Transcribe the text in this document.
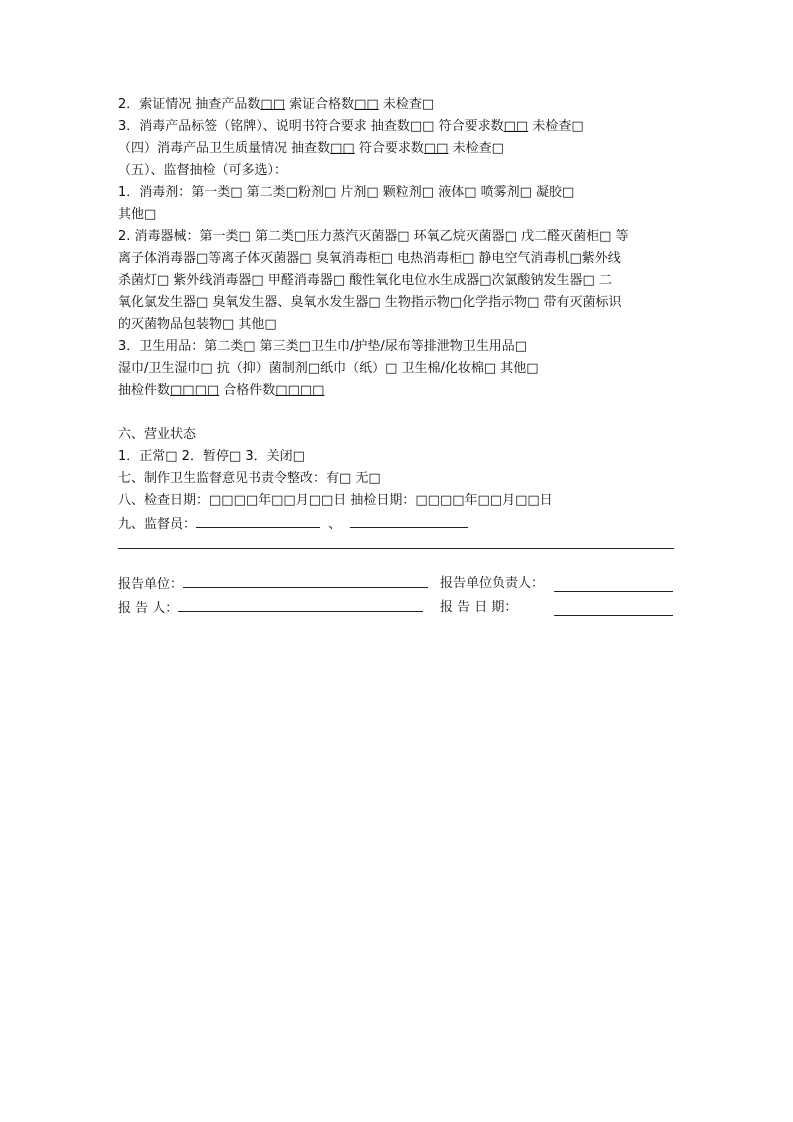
2．索证情况 抽查产品数□□ 索证合格数□□ 未检查□
3．消毒产品标签（铭牌）、说明书符合要求 抽查数□□ 符合要求数□□ 未检查□
（四）消毒产品卫生质量情况 抽查数□□ 符合要求数□□ 未检查□
（五）、监督抽检（可多选）：
1．消毒剂：第一类□ 第二类□粉剂□ 片剂□ 颗粒剂□ 液体□ 喷雾剂□ 凝胶□
其他□
2. 消毒器械：第一类□ 第二类□压力蒸汽灭菌器□ 环氧乙烷灭菌器□ 戊二醛灭菌柜□ 等
离子体消毒器□等离子体灭菌器□ 臭氧消毒柜□ 电热消毒柜□ 静电空气消毒机□紫外线
杀菌灯□ 紫外线消毒器□ 甲醛消毒器□ 酸性氧化电位水生成器□次氯酸钠发生器□ 二
氧化氯发生器□ 臭氧发生器、臭氧水发生器□ 生物指示物□化学指示物□ 带有灭菌标识
的灭菌物品包装物□ 其他□
3．卫生用品：第二类□ 第三类□卫生巾/护垫/尿布等排泄物卫生用品□
湿巾/卫生湿巾□ 抗（抑）菌制剂□纸巾（纸）□ 卫生棉/化妆棉□ 其他□
抽检件数□□□□ 合格件数□□□□
六、营业状态
1．正常□ 2．暂停□ 3．关闭□
七、制作卫生监督意见书责令整改：有□ 无□
八、检查日期：□□□□年□□月□□日 抽检日期：□□□□年□□月□□日
九、监督员：	、
报告单位：	报告单位负责人：
报 告 人：	报 告 日 期：
